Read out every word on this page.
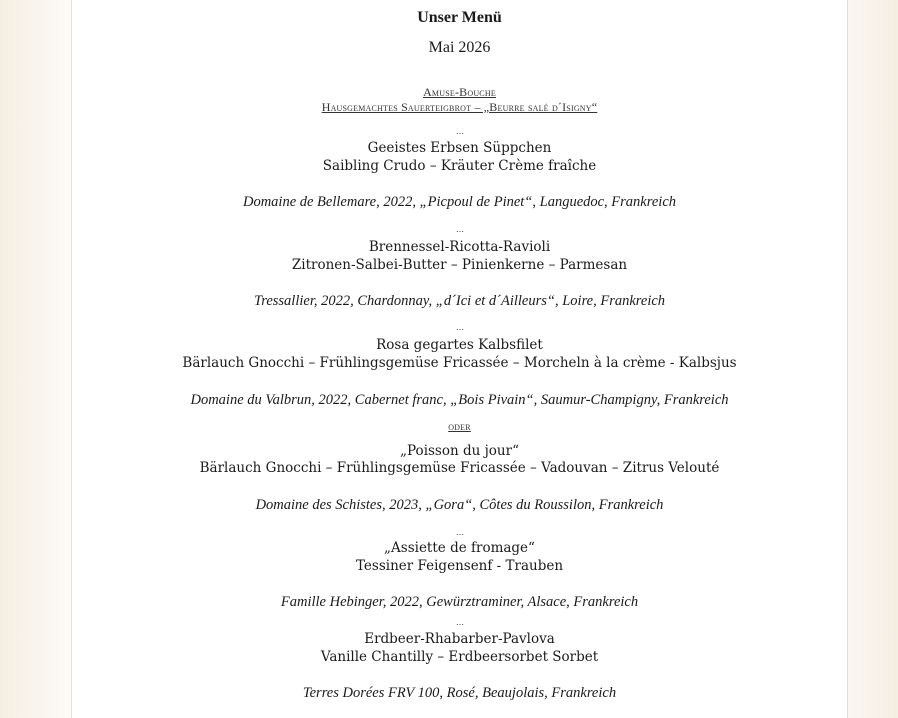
Unser Menü
Mai 2026
Amuse-Bouche
Hausgemachtes Sauerteigbrot – „Beurre salé d´Isigny“
…
Geeistes Erbsen Süppchen
Saibling Crudo – Kräuter Crème fraîche
Domaine de Bellemare, 2022, „Picpoul de Pinet“, Languedoc, Frankreich
…
Brennessel-Ricotta-Ravioli
Zitronen-Salbei-Butter – Pinienkerne – Parmesan
Tressallier, 2022, Chardonnay, „d´Ici et d´Ailleurs“, Loire, Frankreich
…
Rosa gegartes Kalbsfilet
Bärlauch Gnocchi – Frühlingsgemüse Fricassée – Morcheln à la crème - Kalbsjus
Domaine du Valbrun, 2022, Cabernet franc, „Bois Pivain“, Saumur-Champigny, Frankreich
oder
„Poisson du jour“
Bärlauch Gnocchi – Frühlingsgemüse Fricassée – Vadouvan – Zitrus Velouté
Domaine des Schistes, 2023, „Gora“, Côtes du Roussilon, Frankreich
…
„Assiette de fromage“
Tessiner Feigensenf - Trauben
Famille Hebinger, 2022, Gewürztraminer, Alsace, Frankreich
…
Erdbeer-Rhabarber-Pavlova
Vanille Chantilly – Erdbeersorbet Sorbet
Terres Dorées FRV 100, Rosé, Beaujolais, Frankreich
